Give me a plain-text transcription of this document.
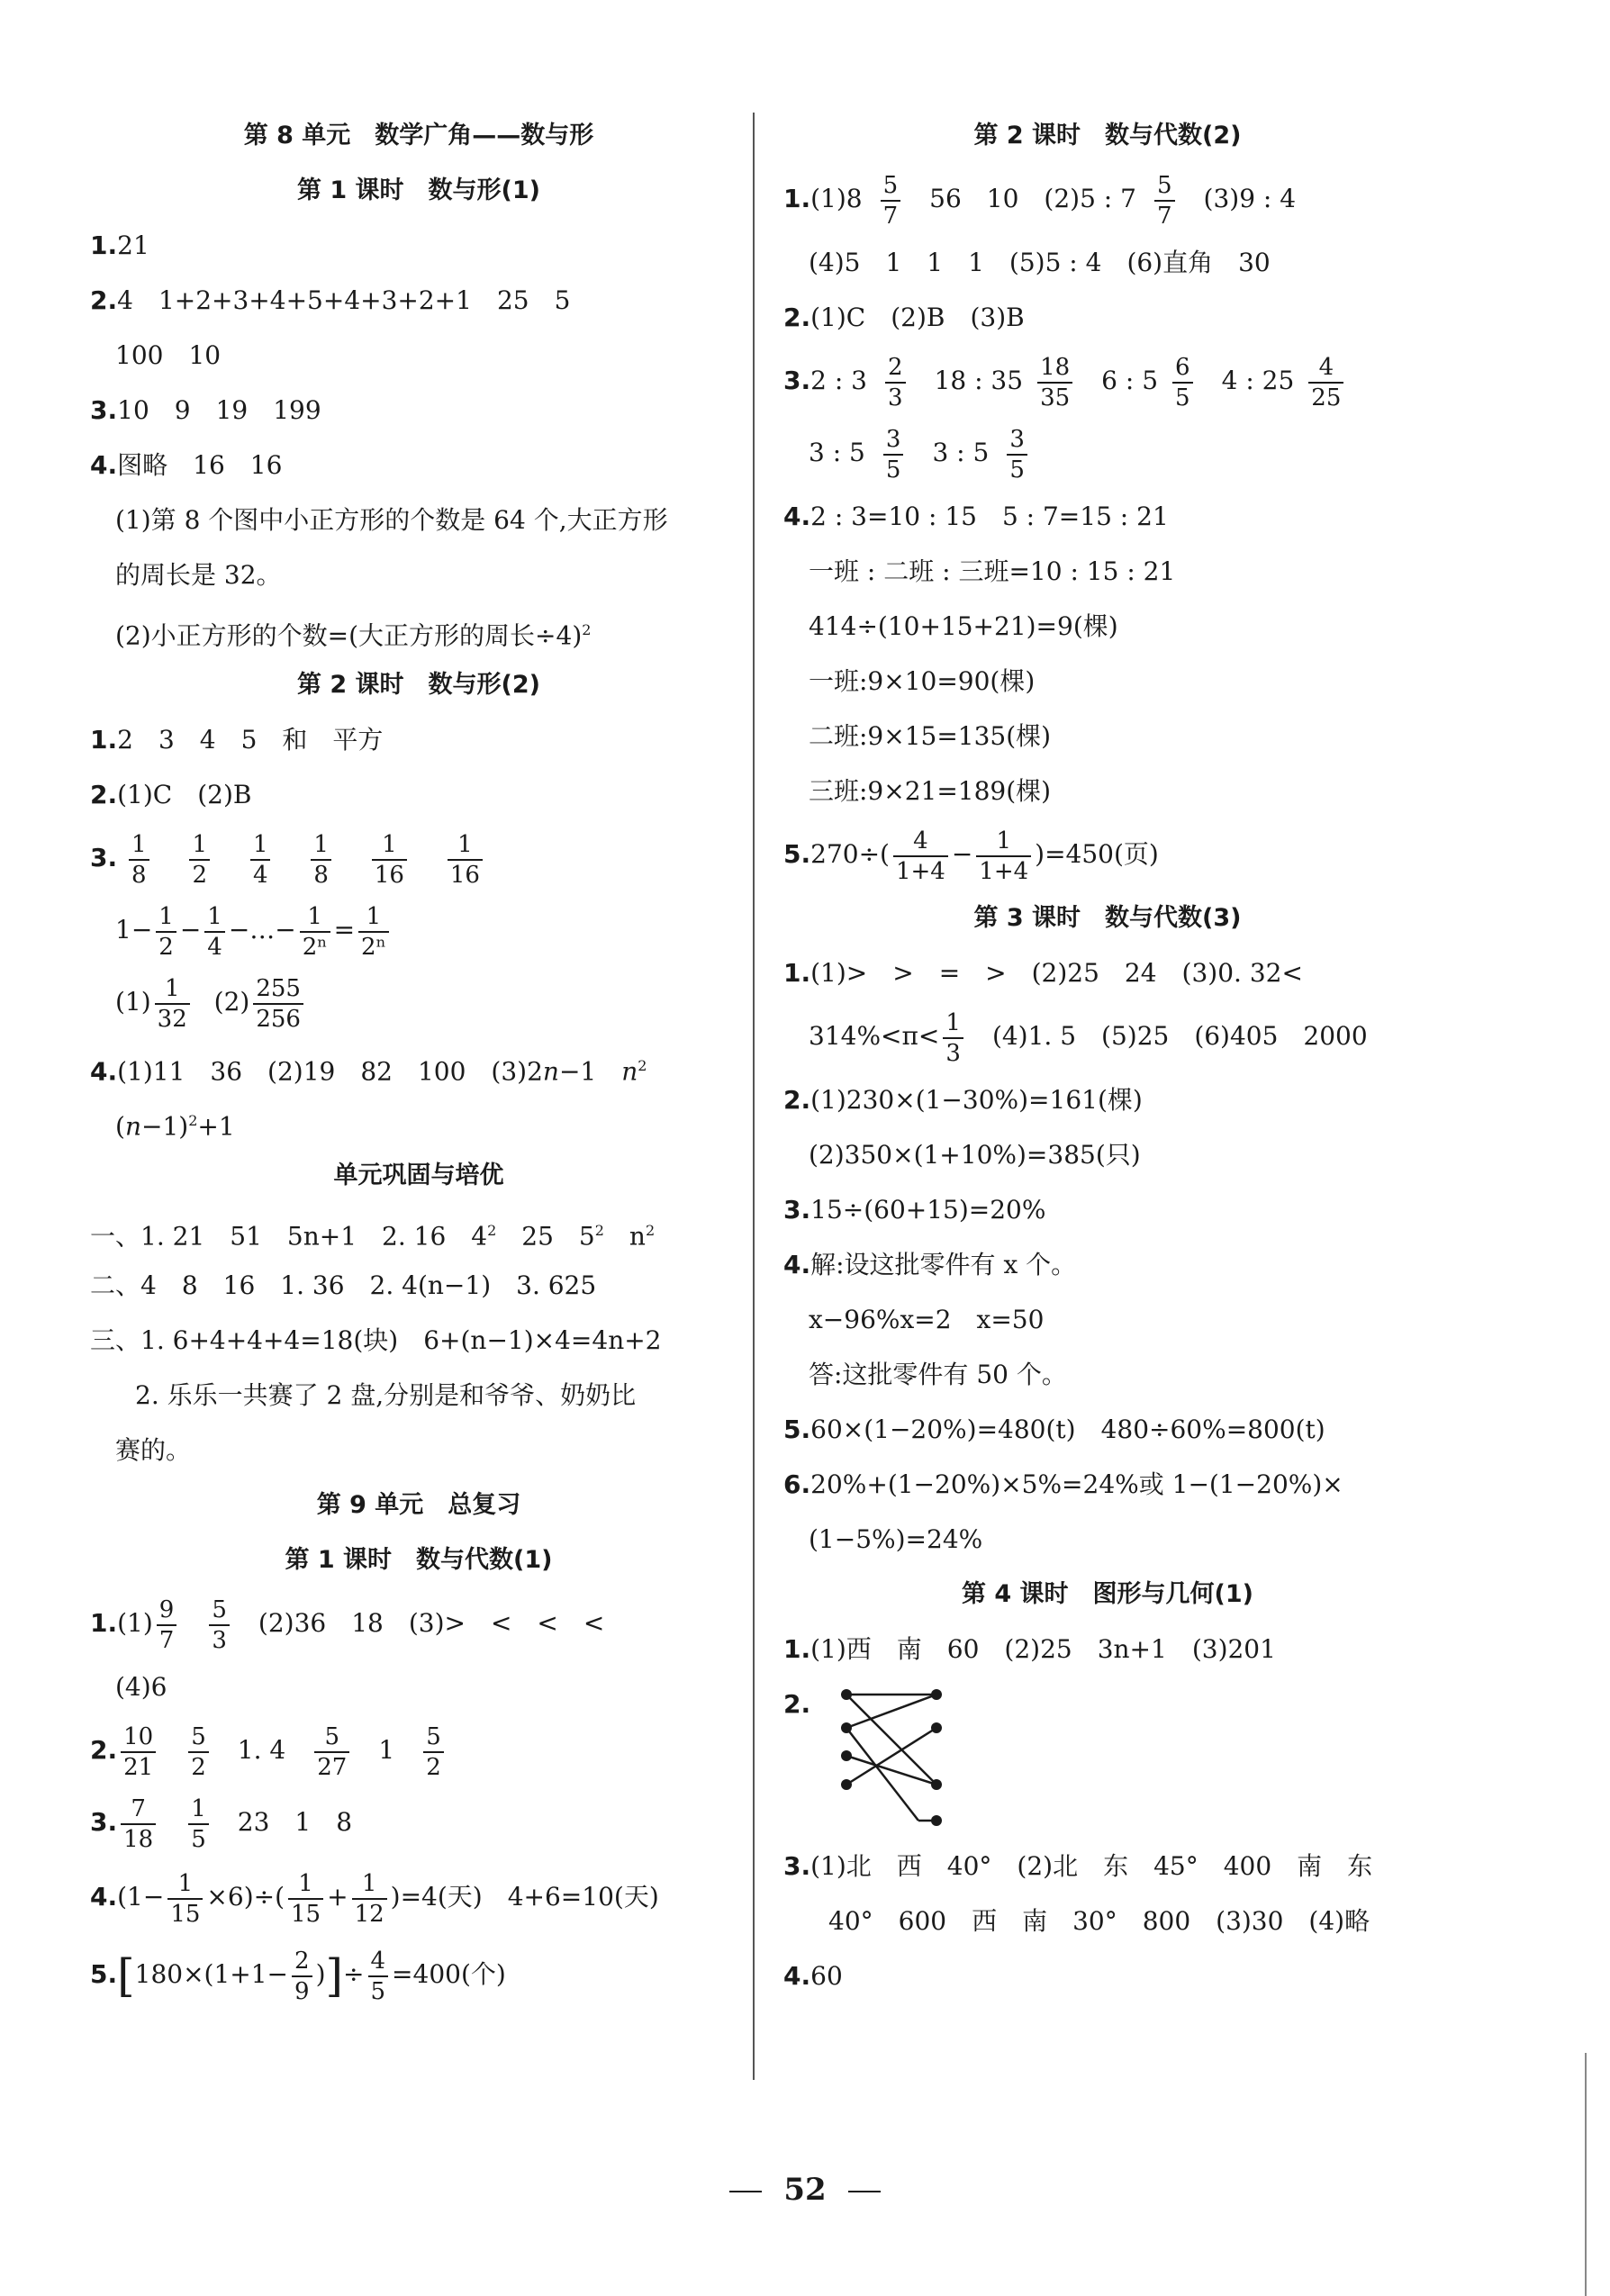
第 8 单元　数学广角——数与形
第 1 课时　数与形(1)
1.21
2.4　1+2+3+4+5+4+3+2+1　25　5
100　10
3.10　9　19　199
4.图略　16　16
(1)第 8 个图中小正方形的个数是 64 个,大正方形
的周长是 32。
(2)小正方形的个数=(大正方形的周长÷4)$^2$
第 2 课时　数与形(2)
1.2　3　4　5　和　平方
2.(1)C　(2)B
3. $\frac{1}{8}$
$\frac{1}{2}$
$\frac{1}{4}$
$\frac{1}{8}$
$\frac{1}{16}$
$\frac{1}{16}$
$1- \frac{1}{2} - \frac{1}{4}$ −…− $\frac{1}{\text{2ⁿ}} = \frac{1}{\text{2ⁿ}}$
$(1) \frac{1}{32} (2) \frac{255}{256}$
4.(1)11　36　(2)19　82　100　(3)2n−1　 $n^2$
$(n-1)^2+1$
单元巩固与培优
一、1. 21　51　5n+1　2. 16　$4^2$　25　$5^2$　$n^2$
二、4　8　16　1. 36　2. 4(n−1)　3. 625
三、1. 6+4+4+4=18(块)　6+(n−1)×4=4n+2
2. 乐乐一共赛了 2 盘,分别是和爷爷、奶奶比
赛的。
第 9 单元　总复习
第 1 课时　数与代数(1)
$1.(1) \frac{9}{7} \frac{5}{3}$
　 (2)36　18　(3)>　<　<　<
(4)6
2. $\frac{10}{21} \frac{5}{2}$
　 1. 4　 $\frac{5}{27}$
　 1　 $\frac{5}{2}$
3. $\frac{7}{18} \frac{1}{5}$
　 23　1　8
$4.(1- \frac{1}{15} \times 6)\div( \frac{1}{15} + \frac{1}{12} )=4$(天)　4+6=10(天)
$5.[180\times(1+1- \frac{2}{9}$ )]÷ $\frac{4}{5} =400$(个)
第 2 课时　数与代数(2)
$1.(1)8 \frac{5}{7}$
　 56　10　(2)5 : $7 \frac{5}{7}$
　 (3)9 : 4
(4)5　1　1　1　(5)5 : 4　(6)直角　30
2.(1)C　(2)B　(3)B
3.2 : $3 \frac{2}{3}$
　 18 : $35 \frac{18}{35}$
　 6 : $5 \frac{6}{5}$
　 4 : $25 \frac{4}{25}$
3 : $5 \frac{3}{5}$
　 3 : $5 \frac{3}{5}$
4.2 : 3=10 : 15　5 : 7=15 : 21
一班 : 二班 : 三班=10 : 15 : 21
414÷(10+15+21)=9(棵)
一班:9×10=90(棵)
二班:9×15=135(棵)
三班:9×21=189(棵)
$5.270\div( \frac{4}{1+4} - \frac{1}{1+4} )=450$(页)
第 3 课时　数与代数(3)
1.(1)>　>　=　>　(2)25　24　(3)0. 32<
$314\%<\pi< \frac{1}{3}$
　 (4)1. 5　(5)25　(6)405　2000
2.(1)230×(1−30%)=161(棵)
(2)350×(1+10%)=385(只)
3.15÷(60+15)=20%
4.解:设这批零件有 x 个。
x−96%x=2　x=50
答:这批零件有 50 个。
5.60×(1−20%)=480(t)　480÷60%=800(t)
6.20%+(1−20%)×5%=24%或 1−(1−20%)×
(1−5%)=24%
第 4 课时　图形与几何(1)
1.(1)西　南　60　(2)25　3n+1　(3)201
2.
3.(1)北　西　40°　(2)北　东　45°　400　南　东
40°　600　西　南　30°　800　(3)30　(4)略
4.60
52
